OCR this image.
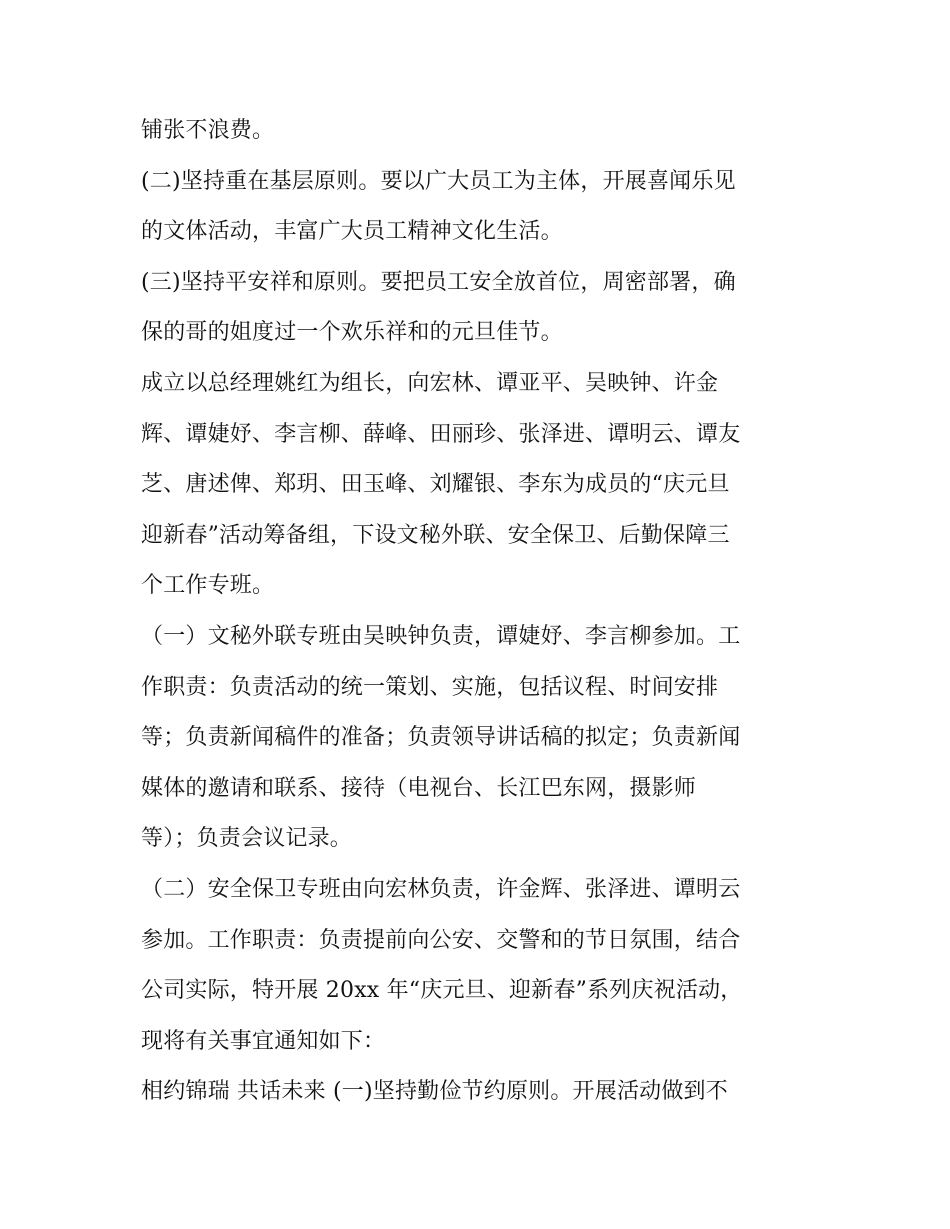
铺张不浪费。
(二)坚持重在基层原则。要以广大员工为主体，开展喜闻乐见
的文体活动，丰富广大员工精神文化生活。
(三)坚持平安祥和原则。要把员工安全放首位，周密部署，确
保的哥的姐度过一个欢乐祥和的元旦佳节。
成立以总经理姚红为组长，向宏林、谭亚平、吴映钟、许金
辉、谭婕妤、李言柳、薛峰、田丽珍、张泽进、谭明云、谭友
芝、唐述俾、郑玥、田玉峰、刘耀银、李东为成员的“庆元旦
迎新春”活动筹备组，下设文秘外联、安全保卫、后勤保障三
个工作专班。
（一）文秘外联专班由吴映钟负责，谭婕妤、李言柳参加。工
作职责：负责活动的统一策划、实施，包括议程、时间安排
等；负责新闻稿件的准备；负责领导讲话稿的拟定；负责新闻
媒体的邀请和联系、接待（电视台、长江巴东网，摄影师
等）；负责会议记录。
（二）安全保卫专班由向宏林负责，许金辉、张泽进、谭明云
参加。工作职责：负责提前向公安、交警和的节日氛围，结合
公司实际，特开展 20xx 年“庆元旦、迎新春”系列庆祝活动，
现将有关事宜通知如下：
相约锦瑞 共话未来 (一)坚持勤俭节约原则。开展活动做到不
